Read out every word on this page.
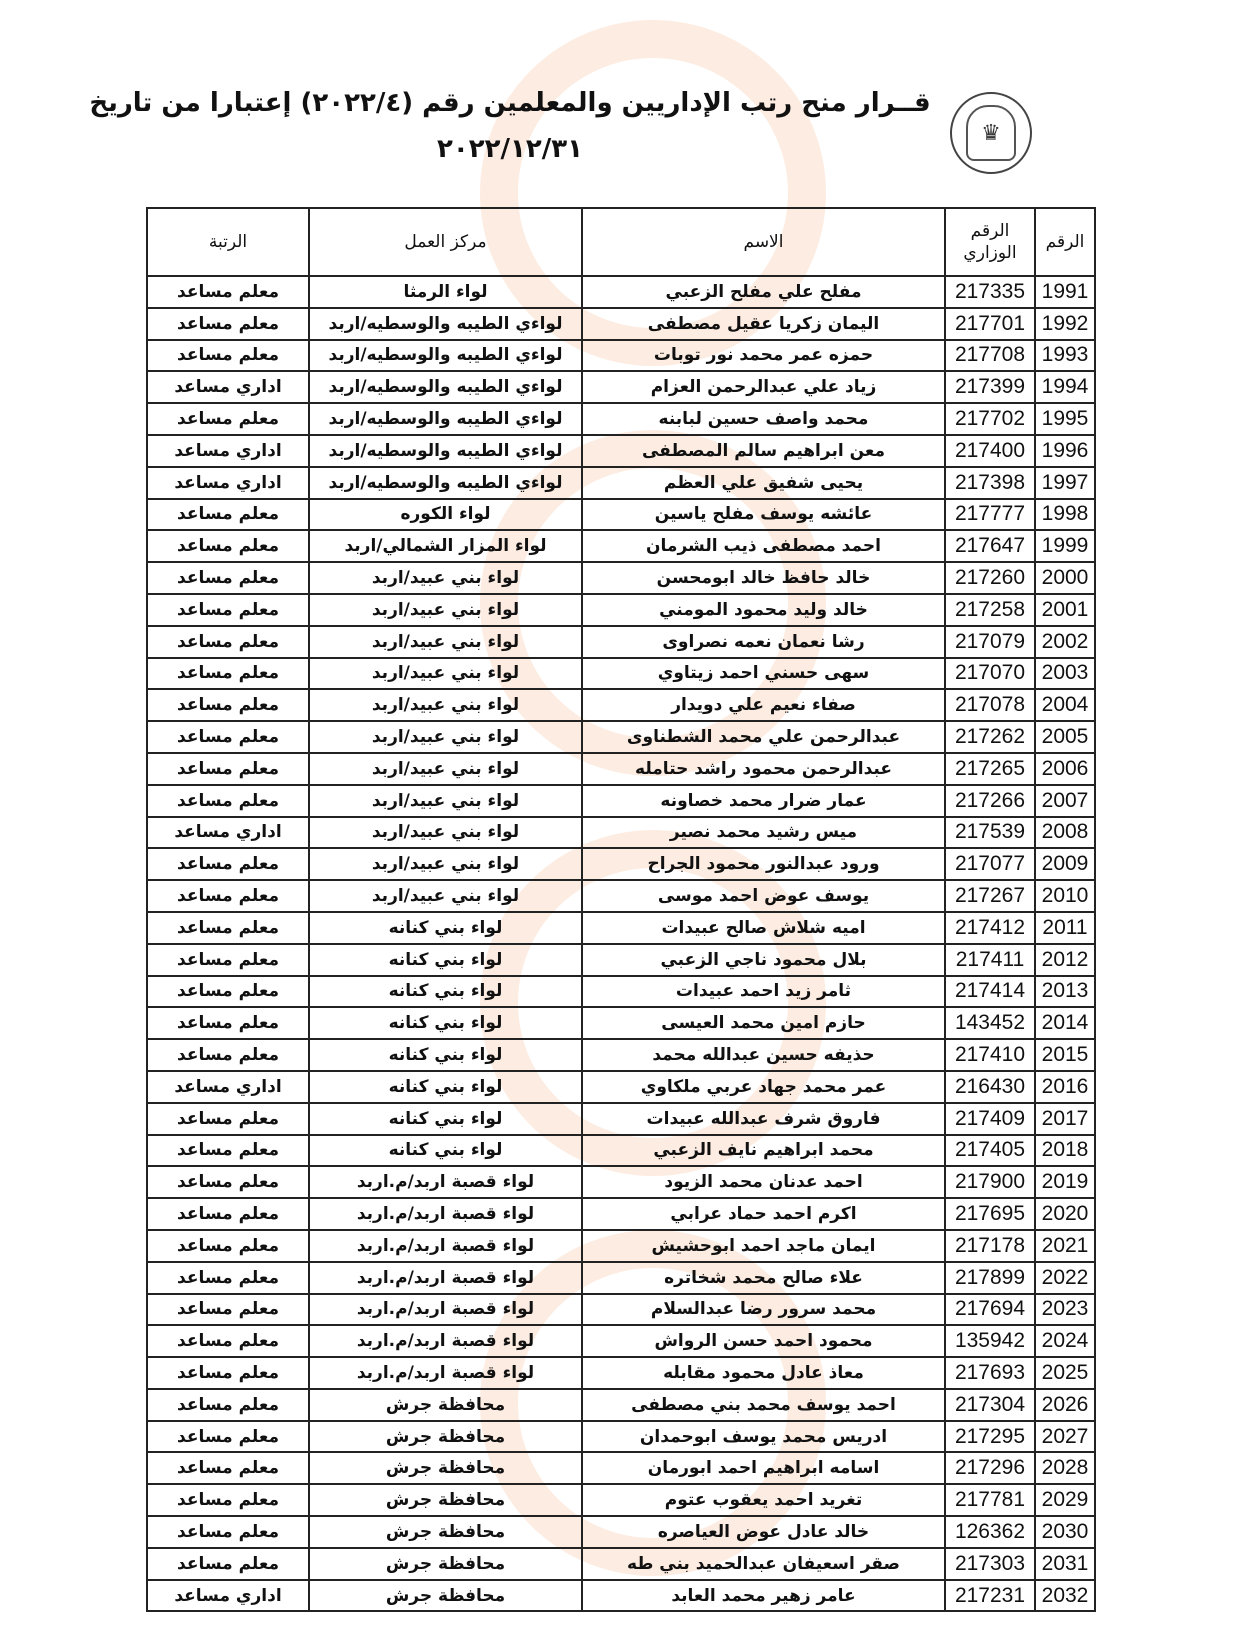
قــرار منح رتب الإداريين والمعلمين رقم (٢٠٢٢/٤) إعتبارا من تاريخ
٢٠٢٢/١٢/٣١
♛
الرقم	الرقم الوزاري	الاسم	مركز العمل	الرتبة
1991	217335	مفلح علي مفلح الزعبي	لواء الرمثا	معلم مساعد
1992	217701	اليمان زكريا عقيل مصطفى	لواءي الطيبه والوسطيه/اربد	معلم مساعد
1993	217708	حمزه عمر محمد نور توبات	لواءي الطيبه والوسطيه/اربد	معلم مساعد
1994	217399	زياد علي عبدالرحمن العزام	لواءي الطيبه والوسطيه/اربد	اداري مساعد
1995	217702	محمد واصف حسين لبابنه	لواءي الطيبه والوسطيه/اربد	معلم مساعد
1996	217400	معن ابراهيم سالم المصطفى	لواءي الطيبه والوسطيه/اربد	اداري مساعد
1997	217398	يحيى شفيق علي العظم	لواءي الطيبه والوسطيه/اربد	اداري مساعد
1998	217777	عائشه يوسف مفلح ياسين	لواء الكوره	معلم مساعد
1999	217647	احمد مصطفى ذيب الشرمان	لواء المزار الشمالي/اربد	معلم مساعد
2000	217260	خالد حافظ خالد ابومحسن	لواء بني عبيد/اربد	معلم مساعد
2001	217258	خالد وليد محمود المومني	لواء بني عبيد/اربد	معلم مساعد
2002	217079	رشا نعمان نعمه نصراوى	لواء بني عبيد/اربد	معلم مساعد
2003	217070	سهى حسني احمد زيتاوي	لواء بني عبيد/اربد	معلم مساعد
2004	217078	صفاء نعيم علي دويدار	لواء بني عبيد/اربد	معلم مساعد
2005	217262	عبدالرحمن علي محمد الشطناوى	لواء بني عبيد/اربد	معلم مساعد
2006	217265	عبدالرحمن محمود راشد حتامله	لواء بني عبيد/اربد	معلم مساعد
2007	217266	عمار ضرار محمد خصاونه	لواء بني عبيد/اربد	معلم مساعد
2008	217539	ميس رشيد محمد نصير	لواء بني عبيد/اربد	اداري مساعد
2009	217077	ورود عبدالنور محمود الجراح	لواء بني عبيد/اربد	معلم مساعد
2010	217267	يوسف عوض احمد موسى	لواء بني عبيد/اربد	معلم مساعد
2011	217412	اميه شلاش صالح عبيدات	لواء بني كنانه	معلم مساعد
2012	217411	بلال محمود ناجي الزعبي	لواء بني كنانه	معلم مساعد
2013	217414	ثامر زيد احمد عبيدات	لواء بني كنانه	معلم مساعد
2014	143452	حازم امين محمد العيسى	لواء بني كنانه	معلم مساعد
2015	217410	حذيفه حسين عبدالله محمد	لواء بني كنانه	معلم مساعد
2016	216430	عمر محمد جهاد عربي ملكاوي	لواء بني كنانه	اداري مساعد
2017	217409	فاروق شرف عبدالله عبيدات	لواء بني كنانه	معلم مساعد
2018	217405	محمد ابراهيم نايف الزعبي	لواء بني كنانه	معلم مساعد
2019	217900	احمد عدنان محمد الزيود	لواء قصبة اربد/م.اربد	معلم مساعد
2020	217695	اكرم احمد حماد عرابي	لواء قصبة اربد/م.اربد	معلم مساعد
2021	217178	ايمان ماجد احمد ابوحشيش	لواء قصبة اربد/م.اربد	معلم مساعد
2022	217899	علاء صالح محمد شخاتره	لواء قصبة اربد/م.اربد	معلم مساعد
2023	217694	محمد سرور رضا عبدالسلام	لواء قصبة اربد/م.اربد	معلم مساعد
2024	135942	محمود احمد حسن الرواش	لواء قصبة اربد/م.اربد	معلم مساعد
2025	217693	معاذ عادل محمود مقابله	لواء قصبة اربد/م.اربد	معلم مساعد
2026	217304	احمد يوسف محمد بني مصطفى	محافظة جرش	معلم مساعد
2027	217295	ادريس محمد يوسف ابوحمدان	محافظة جرش	معلم مساعد
2028	217296	اسامه ابراهيم احمد ابورمان	محافظة جرش	معلم مساعد
2029	217781	تغريد احمد يعقوب عتوم	محافظة جرش	معلم مساعد
2030	126362	خالد عادل عوض العياصره	محافظة جرش	معلم مساعد
2031	217303	صقر اسعيفان عبدالحميد بني طه	محافظة جرش	معلم مساعد
2032	217231	عامر زهير محمد العابد	محافظة جرش	اداري مساعد
